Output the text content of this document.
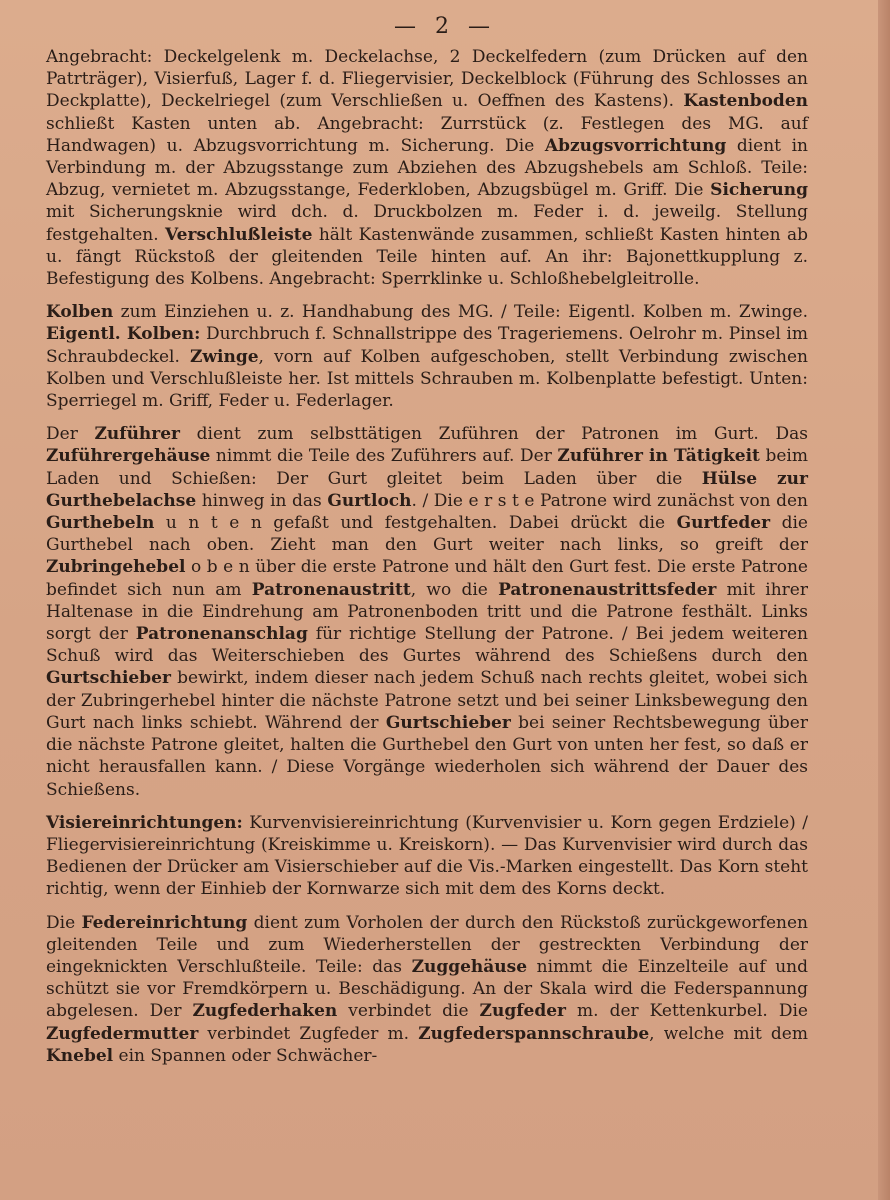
— 2 —

Angebracht: Deckelgelenk m. Deckelachse, 2 Deckelfedern (zum Drücken auf den Patrträger), Visierfuß, Lager f. d. Fliegervisier, Deckelblock (Führung des Schlosses an Deckplatte), Deckelriegel (zum Verschließen u. Oeffnen des Kastens). Kastenboden schließt Kasten unten ab. Angebracht: Zurrstück (z. Festlegen des MG. auf Handwagen) u. Abzugsvorrichtung m. Sicherung. Die Abzugsvorrichtung dient in Verbindung m. der Abzugsstange zum Abziehen des Abzugshebels am Schloß. Teile: Abzug, vernietet m. Abzugsstange, Federkloben, Abzugsbügel m. Griff. Die Sicherung mit Sicherungsknie wird dch. d. Druckbolzen m. Feder i. d. jeweilg. Stellung festgehalten. Verschlußleiste hält Kastenwände zusammen, schließt Kasten hinten ab u. fängt Rückstoß der gleitenden Teile hinten auf. An ihr: Bajonettkupplung z. Befestigung des Kolbens. Angebracht: Sperrklinke u. Schloßhebelgleitrolle.

Kolben zum Einziehen u. z. Handhabung des MG. / Teile: Eigentl. Kolben m. Zwinge. Eigentl. Kolben: Durchbruch f. Schnallstrippe des Trageriemens. Oelrohr m. Pinsel im Schraubdeckel. Zwinge, vorn auf Kolben aufgeschoben, stellt Verbindung zwischen Kolben und Verschlußleiste her. Ist mittels Schrauben m. Kolbenplatte befestigt. Unten: Sperriegel m. Griff, Feder u. Federlager.

Der Zuführer dient zum selbsttätigen Zuführen der Patronen im Gurt. Das Zuführergehäuse nimmt die Teile des Zuführers auf. Der Zuführer in Tätigkeit beim Laden und Schießen: Der Gurt gleitet beim Laden über die Hülse zur Gurthebelachse hinweg in das Gurtloch. / Die e r s t e Patrone wird zunächst von den Gurthebeln u n t e n gefaßt und festgehalten. Dabei drückt die Gurtfeder die Gurthebel nach oben. Zieht man den Gurt weiter nach links, so greift der Zubringehebel o b e n über die erste Patrone und hält den Gurt fest. Die erste Patrone befindet sich nun am Patronenaustritt, wo die Patronenaustrittsfeder mit ihrer Haltenase in die Eindrehung am Patronenboden tritt und die Patrone festhält. Links sorgt der Patronenanschlag für richtige Stellung der Patrone. / Bei jedem weiteren Schuß wird das Weiterschieben des Gurtes während des Schießens durch den Gurtschieber bewirkt, indem dieser nach jedem Schuß nach rechts gleitet, wobei sich der Zubringerhebel hinter die nächste Patrone setzt und bei seiner Linksbewegung den Gurt nach links schiebt. Während der Gurtschieber bei seiner Rechtsbewegung über die nächste Patrone gleitet, halten die Gurthebel den Gurt von unten her fest, so daß er nicht herausfallen kann. / Diese Vorgänge wiederholen sich während der Dauer des Schießens.

Visiereinrichtungen: Kurvenvisiereinrichtung (Kurvenvisier u. Korn gegen Erdziele) / Fliegervisiereinrichtung (Kreiskimme u. Kreiskorn). — Das Kurvenvisier wird durch das Bedienen der Drücker am Visierschieber auf die Vis.-Marken eingestellt. Das Korn steht richtig, wenn der Einhieb der Kornwarze sich mit dem des Korns deckt.

Die Federeinrichtung dient zum Vorholen der durch den Rückstoß zurückgeworfenen gleitenden Teile und zum Wiederherstellen der gestreckten Verbindung der eingeknickten Verschlußteile. Teile: das Zuggehäuse nimmt die Einzelteile auf und schützt sie vor Fremdkörpern u. Beschädigung. An der Skala wird die Federspannung abgelesen. Der Zugfederhaken verbindet die Zugfeder m. der Kettenkurbel. Die Zugfedermutter verbindet Zugfeder m. Zugfederspannschraube, welche mit dem Knebel ein Spannen oder Schwächer-
